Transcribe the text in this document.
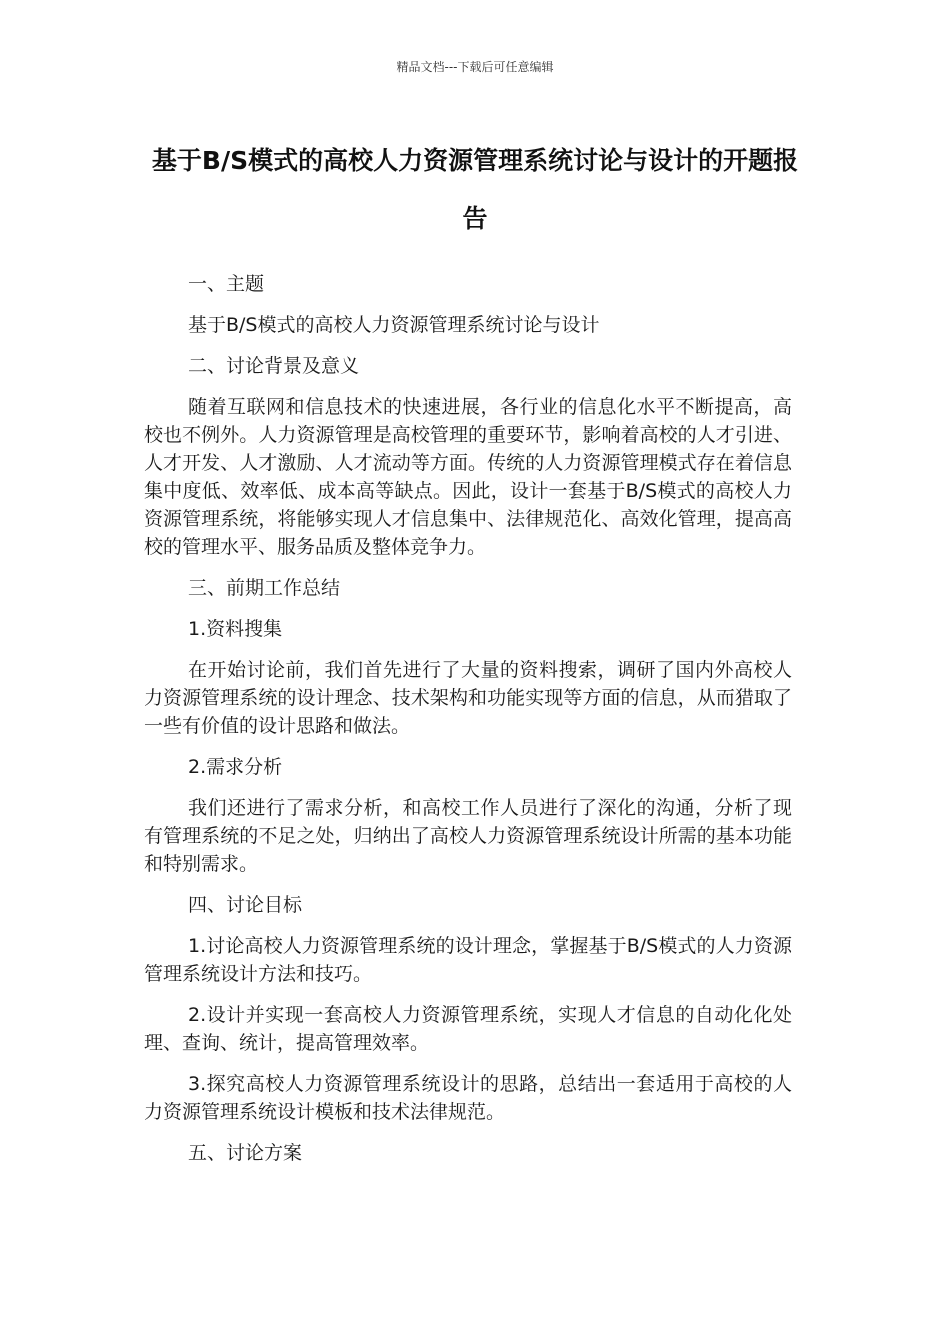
精品文档---下载后可任意编辑
基于B/S模式的高校人力资源管理系统讨论与设计的开题报告

一、主题

基于B/S模式的高校人力资源管理系统讨论与设计

二、讨论背景及意义

随着互联网和信息技术的快速进展，各行业的信息化水平不断提高，高校也不例外。人力资源管理是高校管理的重要环节，影响着高校的人才引进、人才开发、人才激励、人才流动等方面。传统的人力资源管理模式存在着信息集中度低、效率低、成本高等缺点。因此，设计一套基于B/S模式的高校人力资源管理系统，将能够实现人才信息集中、法律规范化、高效化管理，提高高校的管理水平、服务品质及整体竞争力。

三、前期工作总结

1.资料搜集

在开始讨论前，我们首先进行了大量的资料搜索，调研了国内外高校人力资源管理系统的设计理念、技术架构和功能实现等方面的信息，从而猎取了一些有价值的设计思路和做法。

2.需求分析

我们还进行了需求分析，和高校工作人员进行了深化的沟通，分析了现有管理系统的不足之处，归纳出了高校人力资源管理系统设计所需的基本功能和特别需求。

四、讨论目标

1.讨论高校人力资源管理系统的设计理念，掌握基于B/S模式的人力资源管理系统设计方法和技巧。

2.设计并实现一套高校人力资源管理系统，实现人才信息的自动化化处理、查询、统计，提高管理效率。

3.探究高校人力资源管理系统设计的思路，总结出一套适用于高校的人力资源管理系统设计模板和技术法律规范。

五、讨论方案
